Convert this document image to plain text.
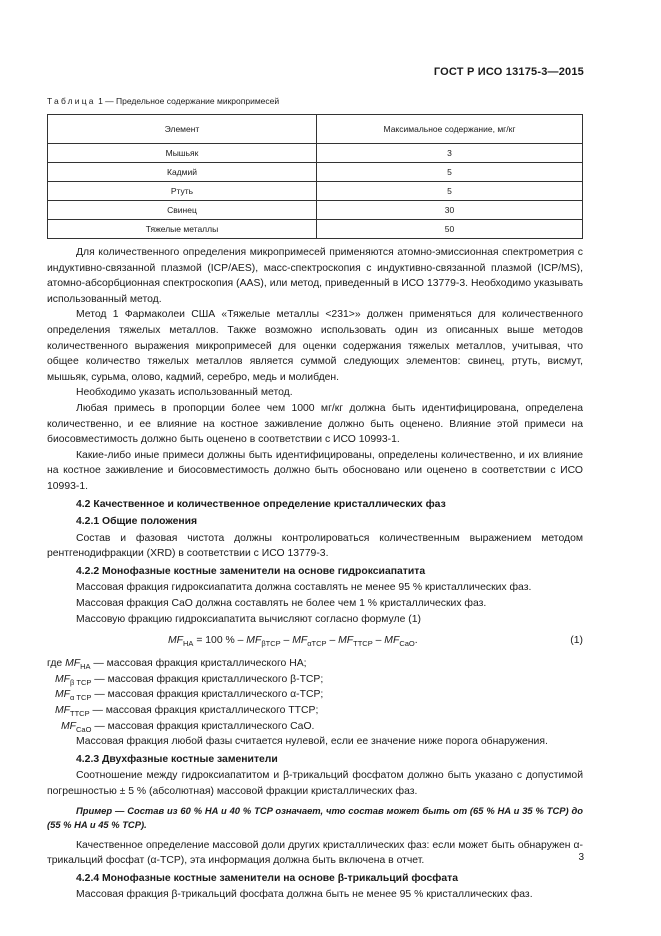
ГОСТ Р ИСО 13175-3—2015
Таблица 1 — Предельное содержание микропримесей
Элемент	Максимальное содержание, мг/кг
Мышьяк	3
Кадмий	5
Ртуть	5
Свинец	30
Тяжелые металлы	50

Для количественного определения микропримесей применяются атомно-эмиссионная спектрометрия с индуктивно-связанной плазмой (ICP/AES), масс-спектроскопия с индуктивно-связанной плазмой (ICP/MS), атомно-абсорбционная спектроскопия (AAS), или метод, приведенный в ИСО 13779-3. Необходимо указывать использованный метод.

Метод 1 Фармаколеи США «Тяжелые металлы <231>» должен применяться для количественного определения тяжелых металлов. Также возможно использовать один из описанных выше методов количественного выражения микропримесей для оценки содержания тяжелых металлов, учитывая, что общее количество тяжелых металлов является суммой следующих элементов: свинец, ртуть, висмут, мышьяк, сурьма, олово, кадмий, серебро, медь и молибден.

Необходимо указать использованный метод.

Любая примесь в пропорции более чем 1000 мг/кг должна быть идентифицирована, определена количественно, и ее влияние на костное заживление должно быть оценено. Влияние этой примеси на биосовместимость должно быть оценено в соответствии с ИСО 10993-1.

Какие-либо иные примеси должны быть идентифицированы, определены количественно, и их влияние на костное заживление и биосовместимость должно быть обосновано или оценено в соответствии с ИСО 10993-1.

4.2 Качественное и количественное определение кристаллических фаз

4.2.1 Общие положения

Состав и фазовая чистота должны контролироваться количественным выражением методом рентгенодифракции (XRD) в соответствии с ИСО 13779-3.

4.2.2 Монофазные костные заменители на основе гидроксиапатита

Массовая фракция гидроксиапатита должна составлять не менее 95 % кристаллических фаз.

Массовая фракция CaO должна составлять не более чем 1 % кристаллических фаз.

Массовую фракцию гидроксиапатита вычисляют согласно формуле (1)

$MF_{HA} = 100$ % – $MF_{\beta TCP} - MF_{\alpha TCP} - MF_{TTCP} - MF_{CaO}$.	(1)

где $MF_{HA}$ — массовая фракция кристаллического HA;

$MF_{\beta TCP}$ — массовая фракция кристаллического β-TCP;

$MF_{\alpha TCP}$ — массовая фракция кристаллического α-TCP;

$MF_{TTCP}$ — массовая фракция кристаллического TTCP;

$MF_{CaO}$ — массовая фракция кристаллического CaO.

Массовая фракция любой фазы считается нулевой, если ее значение ниже порога обнаружения.

4.2.3 Двухфазные костные заменители

Соотношение между гидроксиапатитом и β-трикальций фосфатом должно быть указано с допустимой погрешностью ± 5 % (абсолютная) массовой фракции кристаллических фаз.

Пример — Состав из 60 % HA и 40 % TCP означает, что состав может быть от (65 % HA и 35 % TCP) до (55 % HA и 45 % TCP).

Качественное определение массовой доли других кристаллических фаз: если может быть обнаружен α-трикальций фосфат (α-TCP), эта информация должна быть включена в отчет.

4.2.4 Монофазные костные заменители на основе β-трикальций фосфата

Массовая фракция β-трикальций фосфата должна быть не менее 95 % кристаллических фаз.

3
